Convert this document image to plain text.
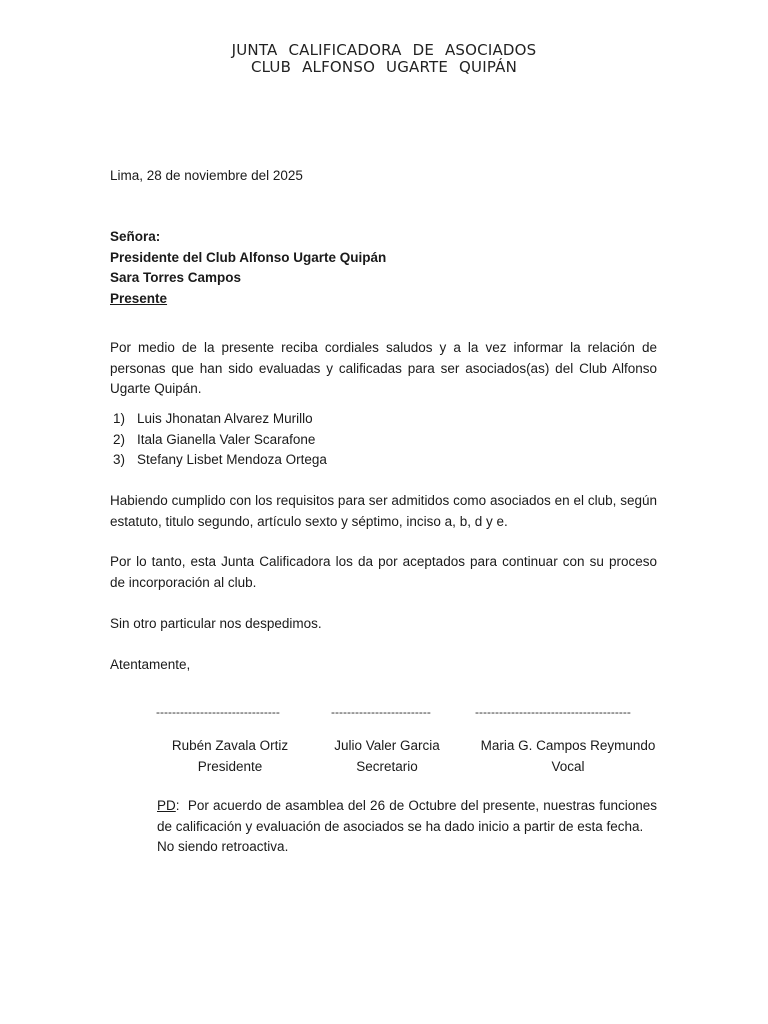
JUNTA CALIFICADORA DE ASOCIADOS
CLUB ALFONSO UGARTE QUIPÁN
Lima, 28 de noviembre del 2025
Señora:
Presidente del Club Alfonso Ugarte Quipán
Sara Torres Campos
Presente
Por medio de la presente reciba cordiales saludos y a la vez informar la relación de personas que han sido evaluadas y calificadas para ser asociados(as) del Club Alfonso Ugarte Quipán.
1) Luis Jhonatan Alvarez Murillo
2) Itala Gianella Valer Scarafone
3) Stefany Lisbet Mendoza Ortega
Habiendo cumplido con los requisitos para ser admitidos como asociados en el club, según estatuto, titulo segundo, artículo sexto y séptimo, inciso a, b, d y e.
Por lo tanto, esta Junta Calificadora los da por aceptados para continuar con su proceso de incorporación al club.
Sin otro particular nos despedimos.
Atentamente,
-------------------------------	-------------------------	---------------------------------------
Rubén Zavala Ortiz
Presidente
Julio Valer Garcia
Secretario
Maria G. Campos Reymundo
Vocal
PD:  Por acuerdo de asamblea del 26 de Octubre del presente, nuestras funciones de calificación y evaluación de asociados se ha dado inicio a partir de esta fecha.
No siendo retroactiva.
